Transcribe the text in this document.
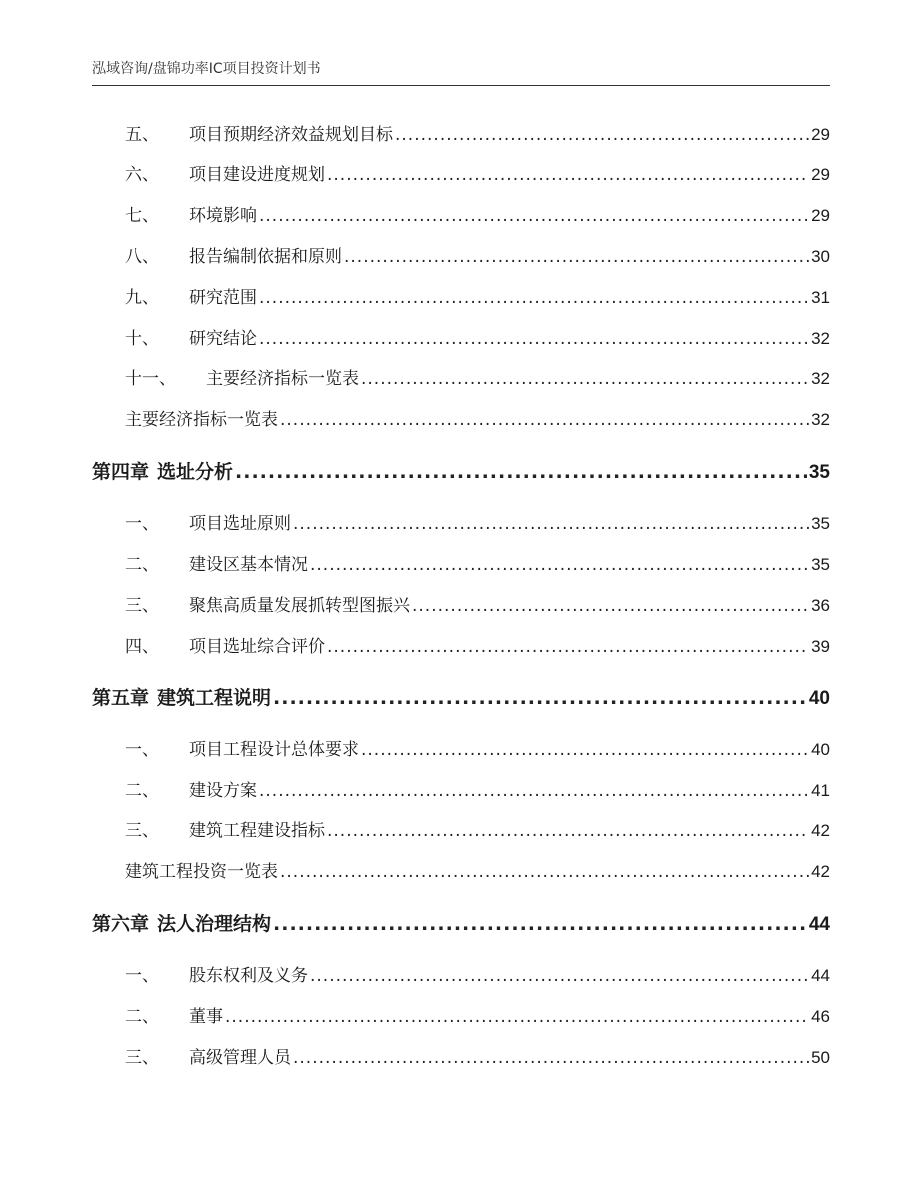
泓域咨询/盘锦功率IC项目投资计划书
五、 项目预期经济效益规划目标 .....	29
六、 项目建设进度规划 .....	29
七、 环境影响 .....	29
八、 报告编制依据和原则 .....	30
九、 研究范围 .....	31
十、 研究结论 .....	32
十一、 主要经济指标一览表 .....	32
主要经济指标一览表 .....	32
第四章 选址分析 .....	35
一、 项目选址原则 .....	35
二、 建设区基本情况 .....	35
三、 聚焦高质量发展抓转型图振兴 .....	36
四、 项目选址综合评价 .....	39
第五章 建筑工程说明 .....	40
一、 项目工程设计总体要求 .....	40
二、 建设方案 .....	41
三、 建筑工程建设指标 .....	42
建筑工程投资一览表 .....	42
第六章 法人治理结构 .....	44
一、 股东权利及义务 .....	44
二、 董事 .....	46
三、 高级管理人员 .....	50
